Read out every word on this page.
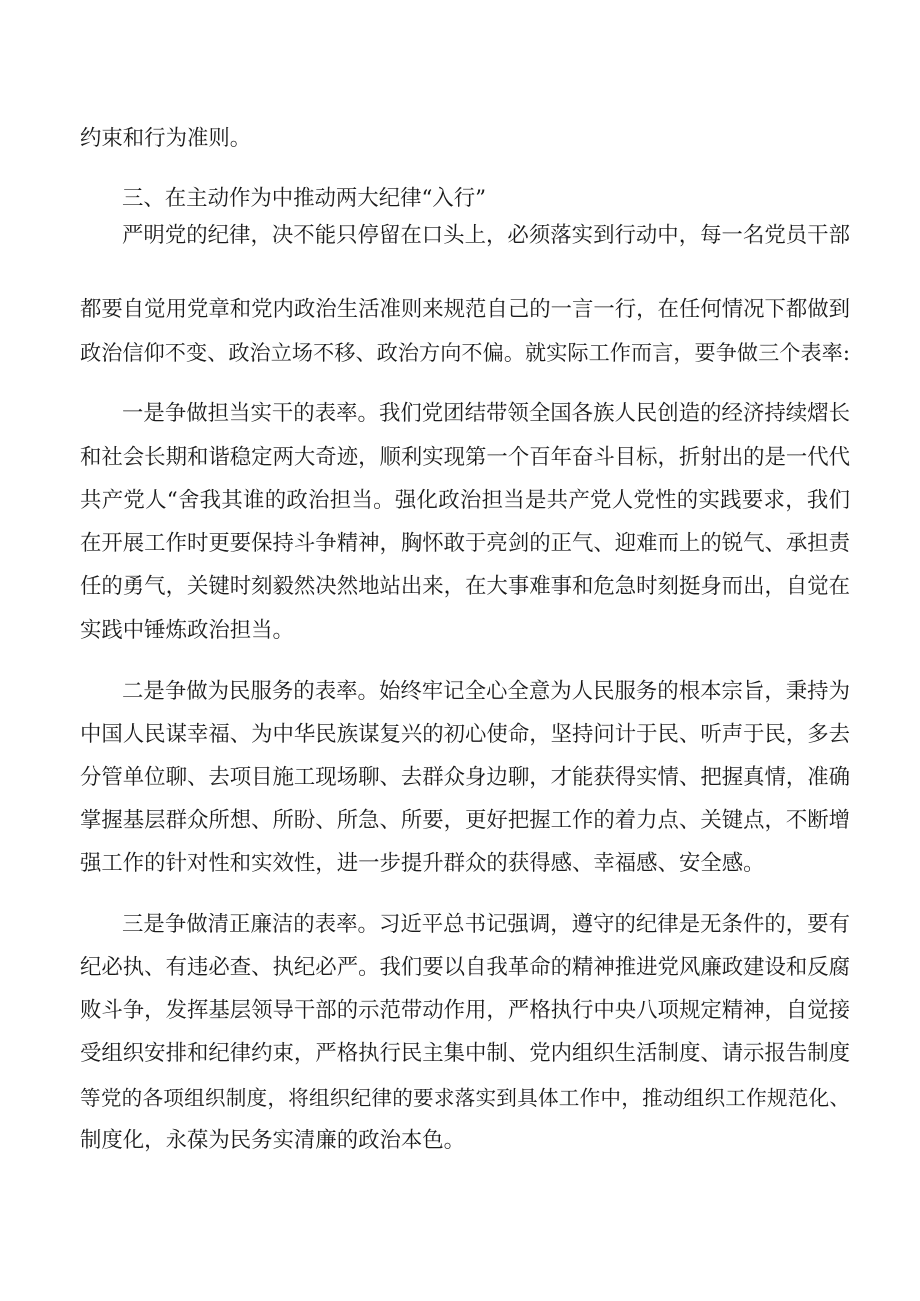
约束和行为准则。
三、在主动作为中推动两大纪律“入行”
严明党的纪律，决不能只停留在口头上，必须落实到行动中，每一名党员干部
都要自觉用党章和党内政治生活准则来规范自己的一言一行，在任何情况下都做到
政治信仰不变、政治立场不移、政治方向不偏。就实际工作而言，要争做三个表率:
一是争做担当实干的表率。我们党团结带领全国各族人民创造的经济持续熠长
和社会长期和谐稳定两大奇迹，顺利实现第一个百年奋斗目标，折射出的是一代代
共产党人“舍我其谁的政治担当。强化政治担当是共产党人党性的实践要求，我们
在开展工作时更要保持斗争精神，胸怀敢于亮剑的正气、迎难而上的锐气、承担责
任的勇气，关键时刻毅然决然地站出来，在大事难事和危急时刻挺身而出，自觉在
实践中锤炼政治担当。
二是争做为民服务的表率。始终牢记全心全意为人民服务的根本宗旨，秉持为
中国人民谋幸福、为中华民族谋复兴的初心使命，坚持问计于民、听声于民，多去
分管单位聊、去项目施工现场聊、去群众身边聊，才能获得实情、把握真情，准确
掌握基层群众所想、所盼、所急、所要，更好把握工作的着力点、关键点，不断增
强工作的针对性和实效性，进一步提升群众的获得感、幸福感、安全感。
三是争做清正廉洁的表率。习近平总书记强调，遵守的纪律是无条件的，要有
纪必执、有违必查、执纪必严。我们要以自我革命的精神推进党风廉政建设和反腐
败斗争，发挥基层领导干部的示范带动作用，严格执行中央八项规定精神，自觉接
受组织安排和纪律约束，严格执行民主集中制、党内组织生活制度、请示报告制度
等党的各项组织制度，将组织纪律的要求落实到具体工作中，推动组织工作规范化、
制度化，永葆为民务实清廉的政治本色。
